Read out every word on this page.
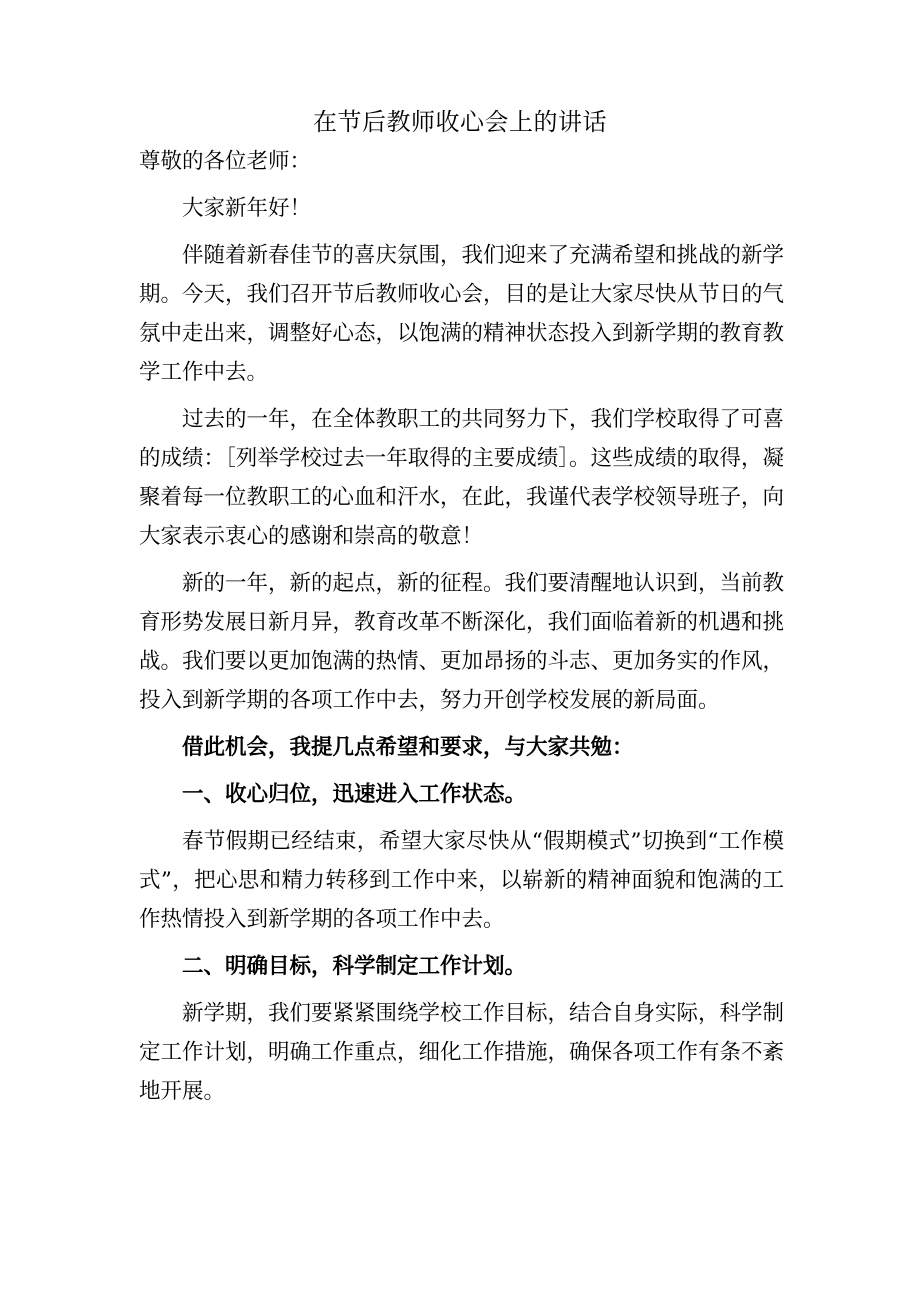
在节后教师收心会上的讲话

尊敬的各位老师：

大家新年好！

伴随着新春佳节的喜庆氛围，我们迎来了充满希望和挑战的新学期。今天，我们召开节后教师收心会，目的是让大家尽快从节日的气氛中走出来，调整好心态，以饱满的精神状态投入到新学期的教育教学工作中去。

过去的一年，在全体教职工的共同努力下，我们学校取得了可喜的成绩：［列举学校过去一年取得的主要成绩］。这些成绩的取得，凝聚着每一位教职工的心血和汗水，在此，我谨代表学校领导班子，向大家表示衷心的感谢和崇高的敬意！

新的一年，新的起点，新的征程。我们要清醒地认识到，当前教育形势发展日新月异，教育改革不断深化，我们面临着新的机遇和挑战。我们要以更加饱满的热情、更加昂扬的斗志、更加务实的作风，投入到新学期的各项工作中去，努力开创学校发展的新局面。

借此机会，我提几点希望和要求，与大家共勉：

一、收心归位，迅速进入工作状态。

春节假期已经结束，希望大家尽快从“假期模式”切换到“工作模式”，把心思和精力转移到工作中来，以崭新的精神面貌和饱满的工作热情投入到新学期的各项工作中去。

二、明确目标，科学制定工作计划。

新学期，我们要紧紧围绕学校工作目标，结合自身实际，科学制定工作计划，明确工作重点，细化工作措施，确保各项工作有条不紊地开展。
